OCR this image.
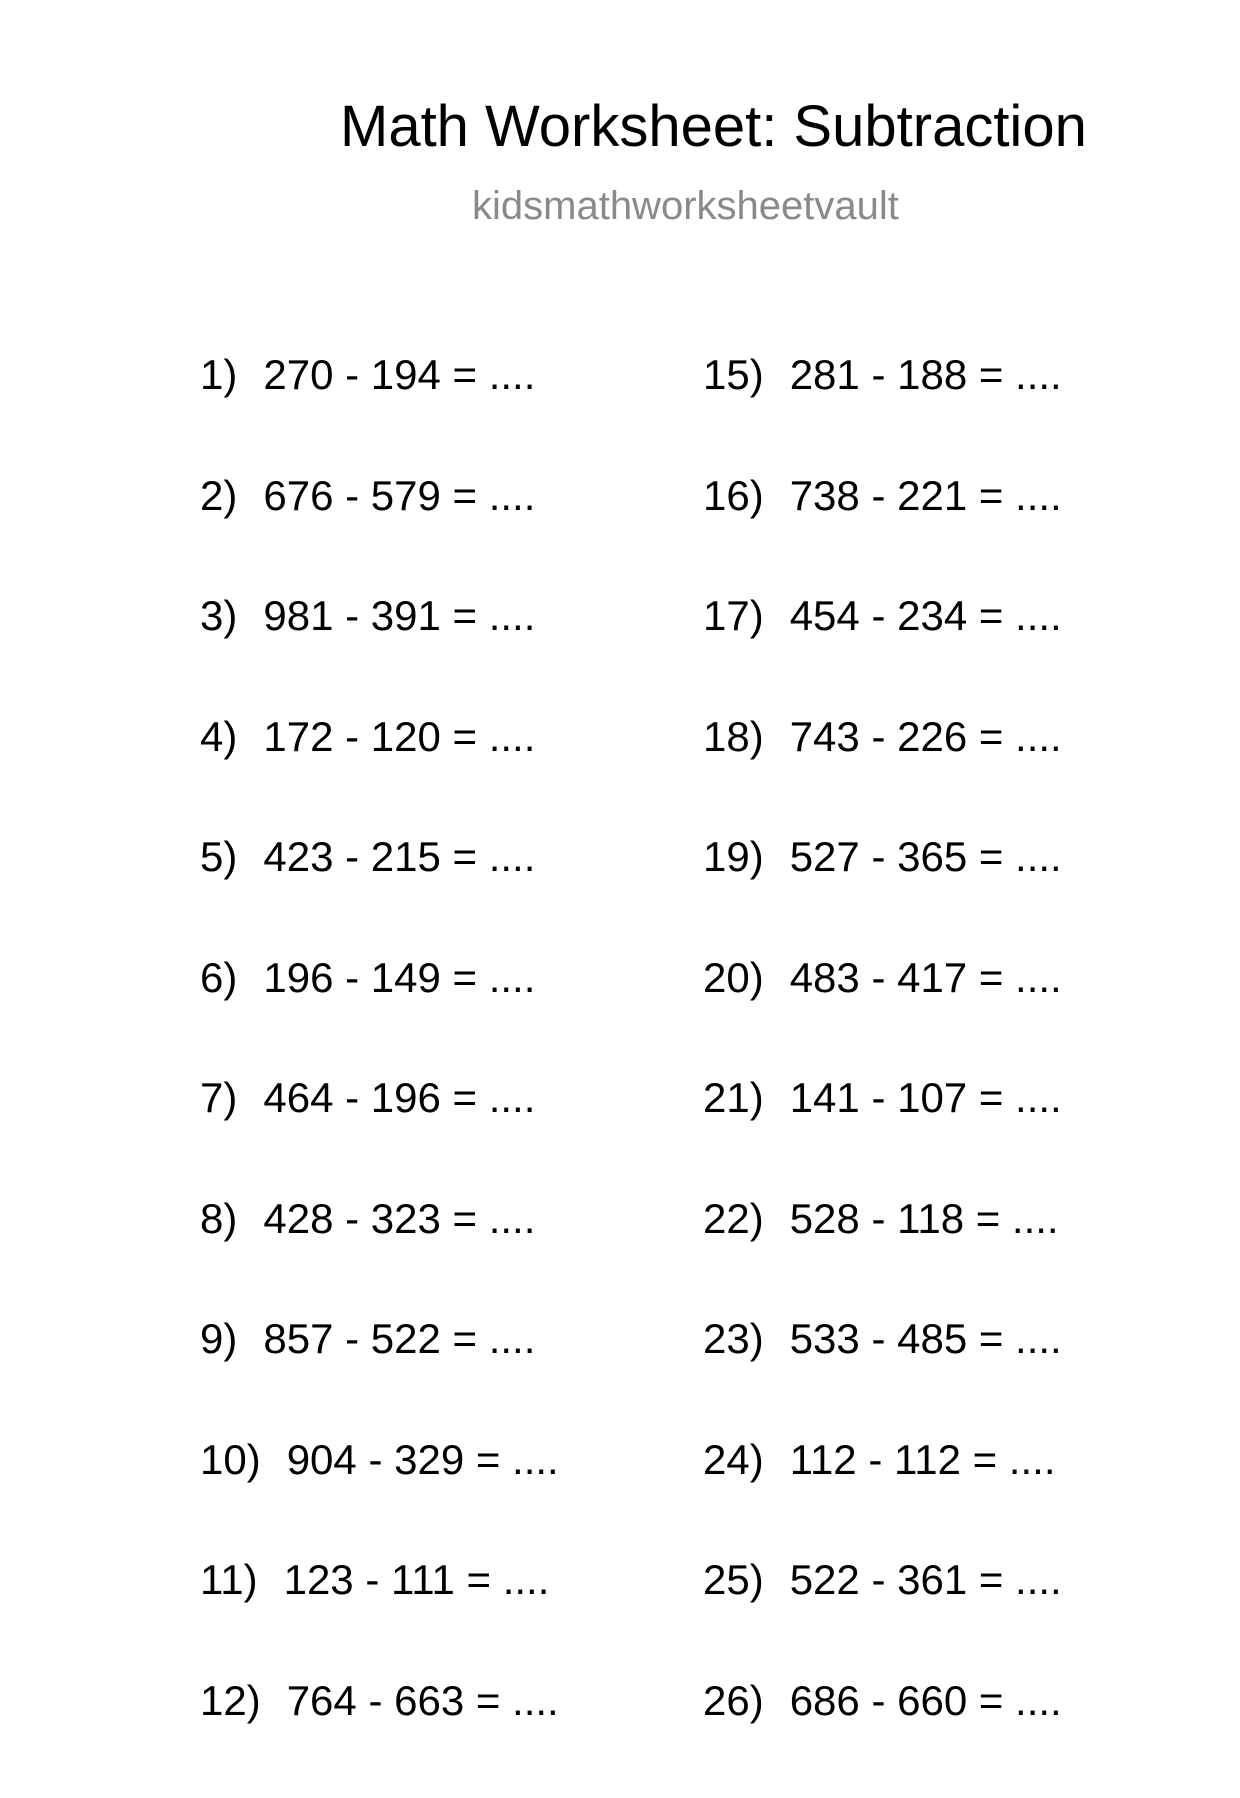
Math Worksheet: Subtraction
kidsmathworksheetvault
1) 270 - 194 = ....
2) 676 - 579 = ....
3) 981 - 391 = ....
4) 172 - 120 = ....
5) 423 - 215 = ....
6) 196 - 149 = ....
7) 464 - 196 = ....
8) 428 - 323 = ....
9) 857 - 522 = ....
10) 904 - 329 = ....
11) 123 - 111 = ....
12) 764 - 663 = ....
15) 281 - 188 = ....
16) 738 - 221 = ....
17) 454 - 234 = ....
18) 743 - 226 = ....
19) 527 - 365 = ....
20) 483 - 417 = ....
21) 141 - 107 = ....
22) 528 - 118 = ....
23) 533 - 485 = ....
24) 112 - 112 = ....
25) 522 - 361 = ....
26) 686 - 660 = ....
